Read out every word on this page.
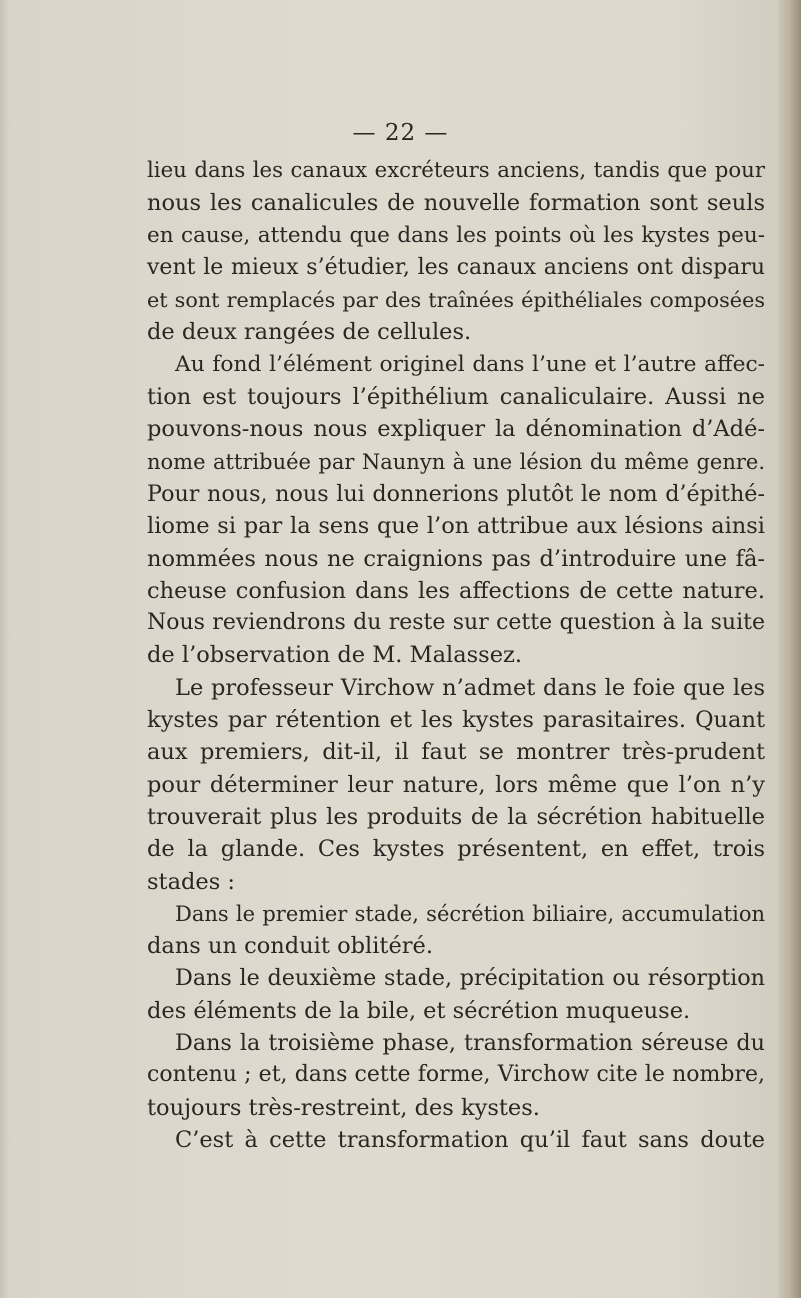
— 22 —
lieu dans les canaux excréteurs anciens, tandis que pour
nous les canalicules de nouvelle formation sont seuls
en cause, attendu que dans les points où les kystes peu-
vent le mieux s’étudier, les canaux anciens ont disparu
et sont remplacés par des traînées épithéliales composées
de deux rangées de cellules.
Au fond l’élément originel dans l’une et l’autre affec-
tion est toujours l’épithélium canaliculaire. Aussi ne
pouvons-nous nous expliquer la dénomination d’Adé-
nome attribuée par Naunyn à une lésion du même genre.
Pour nous, nous lui donnerions plutôt le nom d’épithé-
liome si par la sens que l’on attribue aux lésions ainsi
nommées nous ne craignions pas d’introduire une fâ-
cheuse confusion dans les affections de cette nature.
Nous reviendrons du reste sur cette question à la suite
de l’observation de M. Malassez.
Le professeur Virchow n’admet dans le foie que les
kystes par rétention et les kystes parasitaires. Quant
aux premiers, dit-il, il faut se montrer très-prudent
pour déterminer leur nature, lors même que l’on n’y
trouverait plus les produits de la sécrétion habituelle
de la glande. Ces kystes présentent, en effet, trois
stades :
Dans le premier stade, sécrétion biliaire, accumulation
dans un conduit oblitéré.
Dans le deuxième stade, précipitation ou résorption
des éléments de la bile, et sécrétion muqueuse.
Dans la troisième phase, transformation séreuse du
contenu ; et, dans cette forme, Virchow cite le nombre,
toujours très-restreint, des kystes.
C’est à cette transformation qu’il faut sans doute
